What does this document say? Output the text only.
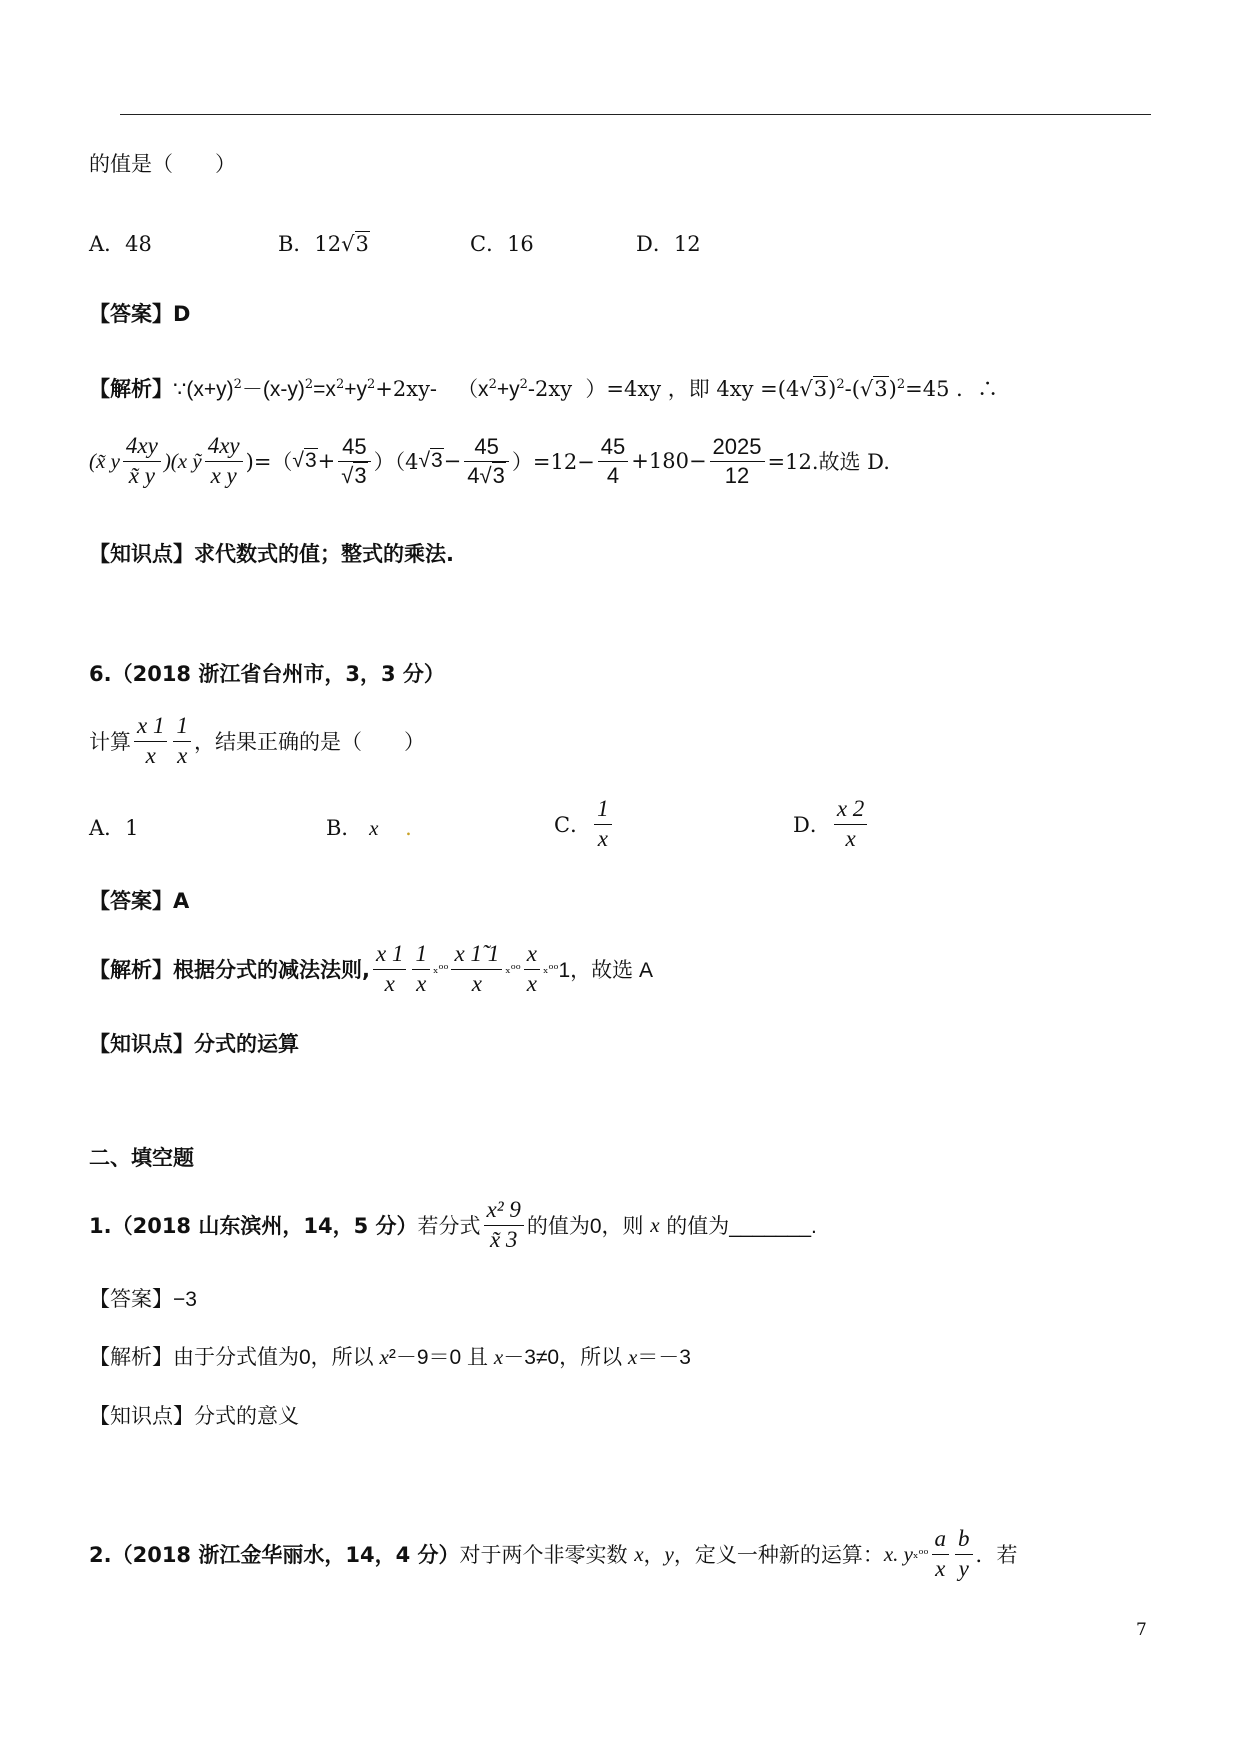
的值是（　　）
A．48	B．12√3	C．16	D．12
【答案】D
【解析】$\because(x+y)^2-(x-y)^2=x^2+y^2+2xy-$ （$x^2+y^2-2xy$ ）=4xy ，即 $4xy =(4√3)^2-(√3)^2=45$ ．∴
(x̃ y $\frac{4xy}{x̃ y} )(x$ ỹ $\frac{4xy}{\text{x y}}$ )=（ $√3 + \frac{45}{√3} )(4$ $√3 - \frac{45}{4√3} )=12- \frac{45}{4} +180- \frac{2025}{12} =12$.故选 D.
【知识点】求代数式的值；整式的乘法.
6.（2018 浙江省台州市，3，3 分）
计算 $\frac{x 1}{x} \frac{1}{x}$ ，结果正确的是（　　）
A．1	B． x .	C． $\frac{1}{x}$	D． $\frac{x 2}{x}$
【答案】A
【解析】 根据分式的减法法则, $\frac{x 1}{x} \frac{1}{x}$ ₓᵒᵒ $\frac{x 1̃ 1}{x}$ ₓᵒᵒ $\frac{x}{x}$ ₓᵒᵒ 1，故选 A
【知识点】分式的运算
二、填空题
1.（2018 山东滨州，14，5 分） 若分式 $\frac{\text{x² 9}}{x̃ 3}$ 的值为0，则
x
的值为_______.
【答案】−3
【解析】由于分式值为0，所以 x²－9＝0 且 x－3≠0，所以 x＝－3
【知识点】分式的意义
2.（2018 浙江金华丽水，14，4 分） 对于两个非零实数
x ， y ，定义一种新的运算： x. y ₓᵒᵒ $\frac{a}{x} \frac{b}{y}$ ．若
7
